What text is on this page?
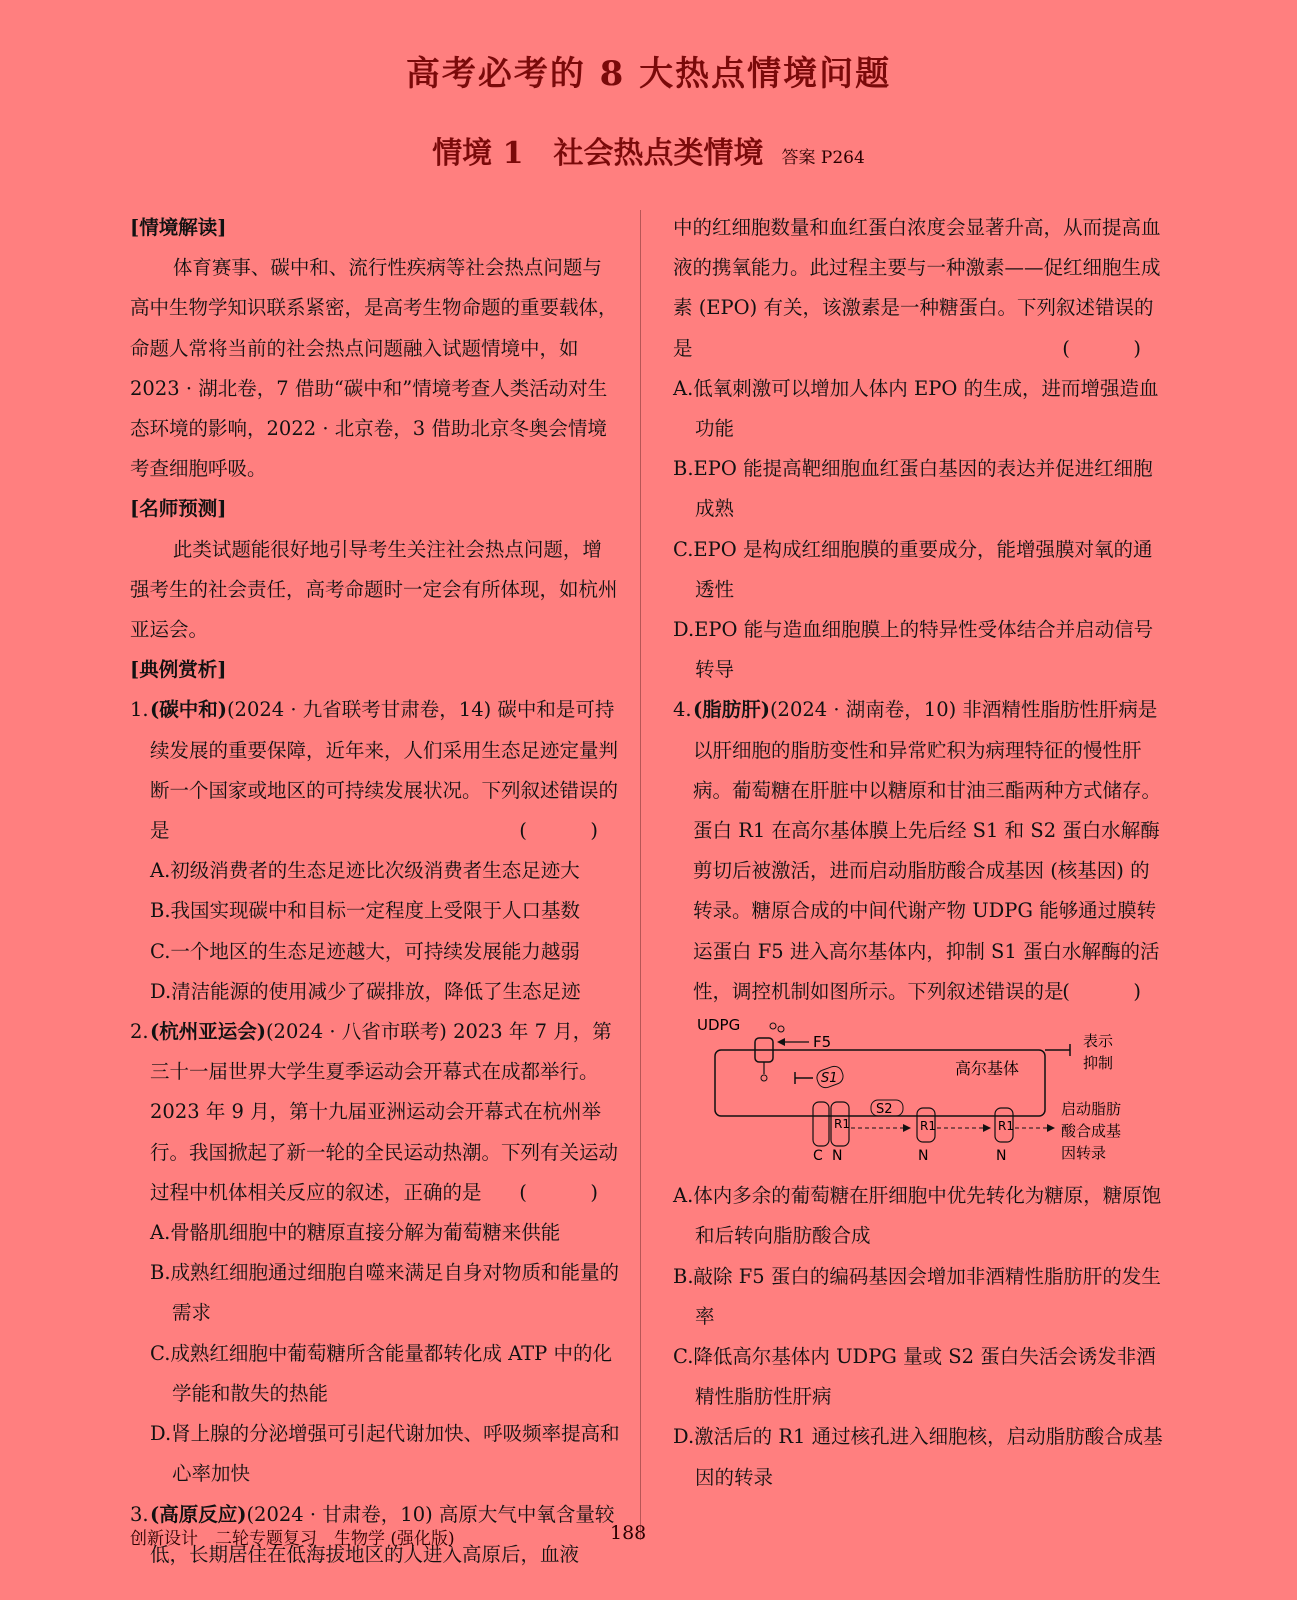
高考必考的 8 大热点情境问题
情境 1　社会热点类情境 答案 P264

[情境解读]

体育赛事、碳中和、流行性疾病等社会热点问题与高中生物学知识联系紧密，是高考生物命题的重要载体，命题人常将当前的社会热点问题融入试题情境中，如 2023 · 湖北卷，7 借助“碳中和”情境考查人类活动对生态环境的影响，2022 · 北京卷，3 借助北京冬奥会情境考查细胞呼吸。

[名师预测]

此类试题能很好地引导考生关注社会热点问题，增强考生的社会责任，高考命题时一定会有所体现，如杭州亚运会。

[典例赏析]

1.(碳中和)(2024 · 九省联考甘肃卷，14) 碳中和是可持续发展的重要保障，近年来，人们采用生态足迹定量判断一个国家或地区的可持续发展状况。下列叙述错误的是	(　)

A.初级消费者的生态足迹比次级消费者生态足迹大

B.我国实现碳中和目标一定程度上受限于人口基数

C.一个地区的生态足迹越大，可持续发展能力越弱

D.清洁能源的使用减少了碳排放，降低了生态足迹

2.(杭州亚运会)(2024 · 八省市联考) 2023 年 7 月，第三十一届世界大学生夏季运动会开幕式在成都举行。2023 年 9 月，第十九届亚洲运动会开幕式在杭州举行。我国掀起了新一轮的全民运动热潮。下列有关运动过程中机体相关反应的叙述，正确的是 (　)

A.骨骼肌细胞中的糖原直接分解为葡萄糖来供能

B.成熟红细胞通过细胞自噬来满足自身对物质和能量的需求

C.成熟红细胞中葡萄糖所含能量都转化成 ATP 中的化学能和散失的热能

D.肾上腺的分泌增强可引起代谢加快、呼吸频率提高和心率加快

3.(高原反应)(2024 · 甘肃卷，10) 高原大气中氧含量较低，长期居住在低海拔地区的人进入高原后，血液

中的红细胞数量和血红蛋白浓度会显著升高，从而提高血液的携氧能力。此过程主要与一种激素——促红细胞生成素 (EPO) 有关，该激素是一种糖蛋白。下列叙述错误的是	(　)

A.低氧刺激可以增加人体内 EPO 的生成，进而增强造血功能

B.EPO 能提高靶细胞血红蛋白基因的表达并促进红细胞成熟

C.EPO 是构成红细胞膜的重要成分，能增强膜对氧的通透性

D.EPO 能与造血细胞膜上的特异性受体结合并启动信号转导

4.(脂肪肝)(2024 · 湖南卷，10) 非酒精性脂肪性肝病是以肝细胞的脂肪变性和异常贮积为病理特征的慢性肝病。葡萄糖在肝脏中以糖原和甘油三酯两种方式储存。蛋白 R1 在高尔基体膜上先后经 S1 和 S2 蛋白水解酶剪切后被激活，进而启动脂肪酸合成基因 (核基因) 的转录。糖原合成的中间代谢产物 UDPG 能够通过膜转运蛋白 F5 进入高尔基体内，抑制 S1 蛋白水解酶的活性，调控机制如图所示。下列叙述错误的是
(　)

UDPG
F5
高尔基体
表示
抑制
S1
R1
C N
S2
R1
N
R1
N
启动脂肪
酸合成基
因转录

A.体内多余的葡萄糖在肝细胞中优先转化为糖原，糖原饱和后转向脂肪酸合成

B.敲除 F5 蛋白的编码基因会增加非酒精性脂肪肝的发生率

C.降低高尔基体内 UDPG 量或 S2 蛋白失活会诱发非酒精性脂肪性肝病

D.激活后的 R1 通过核孔进入细胞核，启动脂肪酸合成基因的转录

创新设计　二轮专题复习　生物学 (强化版)	188
